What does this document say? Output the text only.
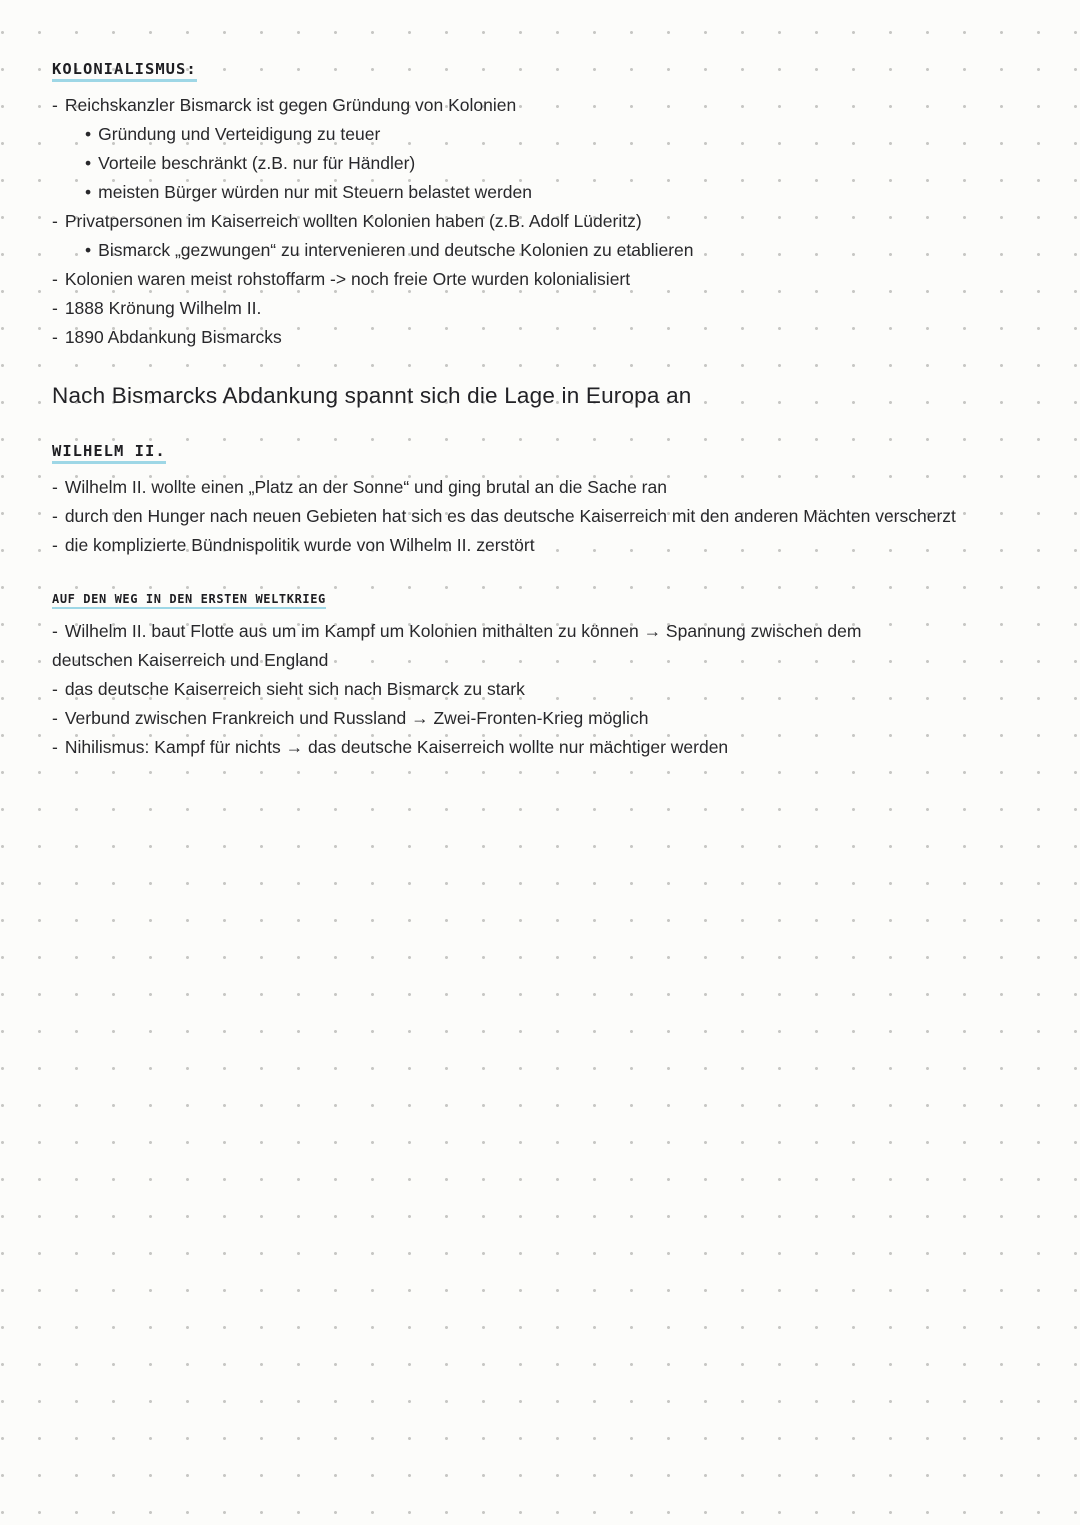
KOLONIALISMUS:
- Reichskanzler Bismarck ist gegen Gründung von Kolonien
• Gründung und Verteidigung zu teuer
• Vorteile beschränkt (z.B. nur für Händler)
• meisten Bürger würden nur mit Steuern belastet werden
- Privatpersonen im Kaiserreich wollten Kolonien haben (z.B. Adolf Lüderitz)
• Bismarck „gezwungen“ zu intervenieren und deutsche Kolonien zu etablieren
- Kolonien waren meist rohstoffarm -> noch freie Orte wurden kolonialisiert
- 1888 Krönung Wilhelm II.
- 1890 Abdankung Bismarcks
Nach Bismarcks Abdankung spannt sich die Lage in Europa an
WILHELM II.
- Wilhelm II. wollte einen „Platz an der Sonne“ und ging brutal an die Sache ran
- durch den Hunger nach neuen Gebieten hat sich es das deutsche Kaiserreich mit den anderen Mächten verscherzt
- die komplizierte Bündnispolitik wurde von Wilhelm II. zerstört
AUF DEN WEG IN DEN ERSTEN WELTKRIEG
- Wilhelm II. baut Flotte aus um im Kampf um Kolonien mithalten zu können → Spannung zwischen dem
deutschen Kaiserreich und England
- das deutsche Kaiserreich sieht sich nach Bismarck zu stark
- Verbund zwischen Frankreich und Russland → Zwei-Fronten-Krieg möglich
- Nihilismus: Kampf für nichts → das deutsche Kaiserreich wollte nur mächtiger werden
